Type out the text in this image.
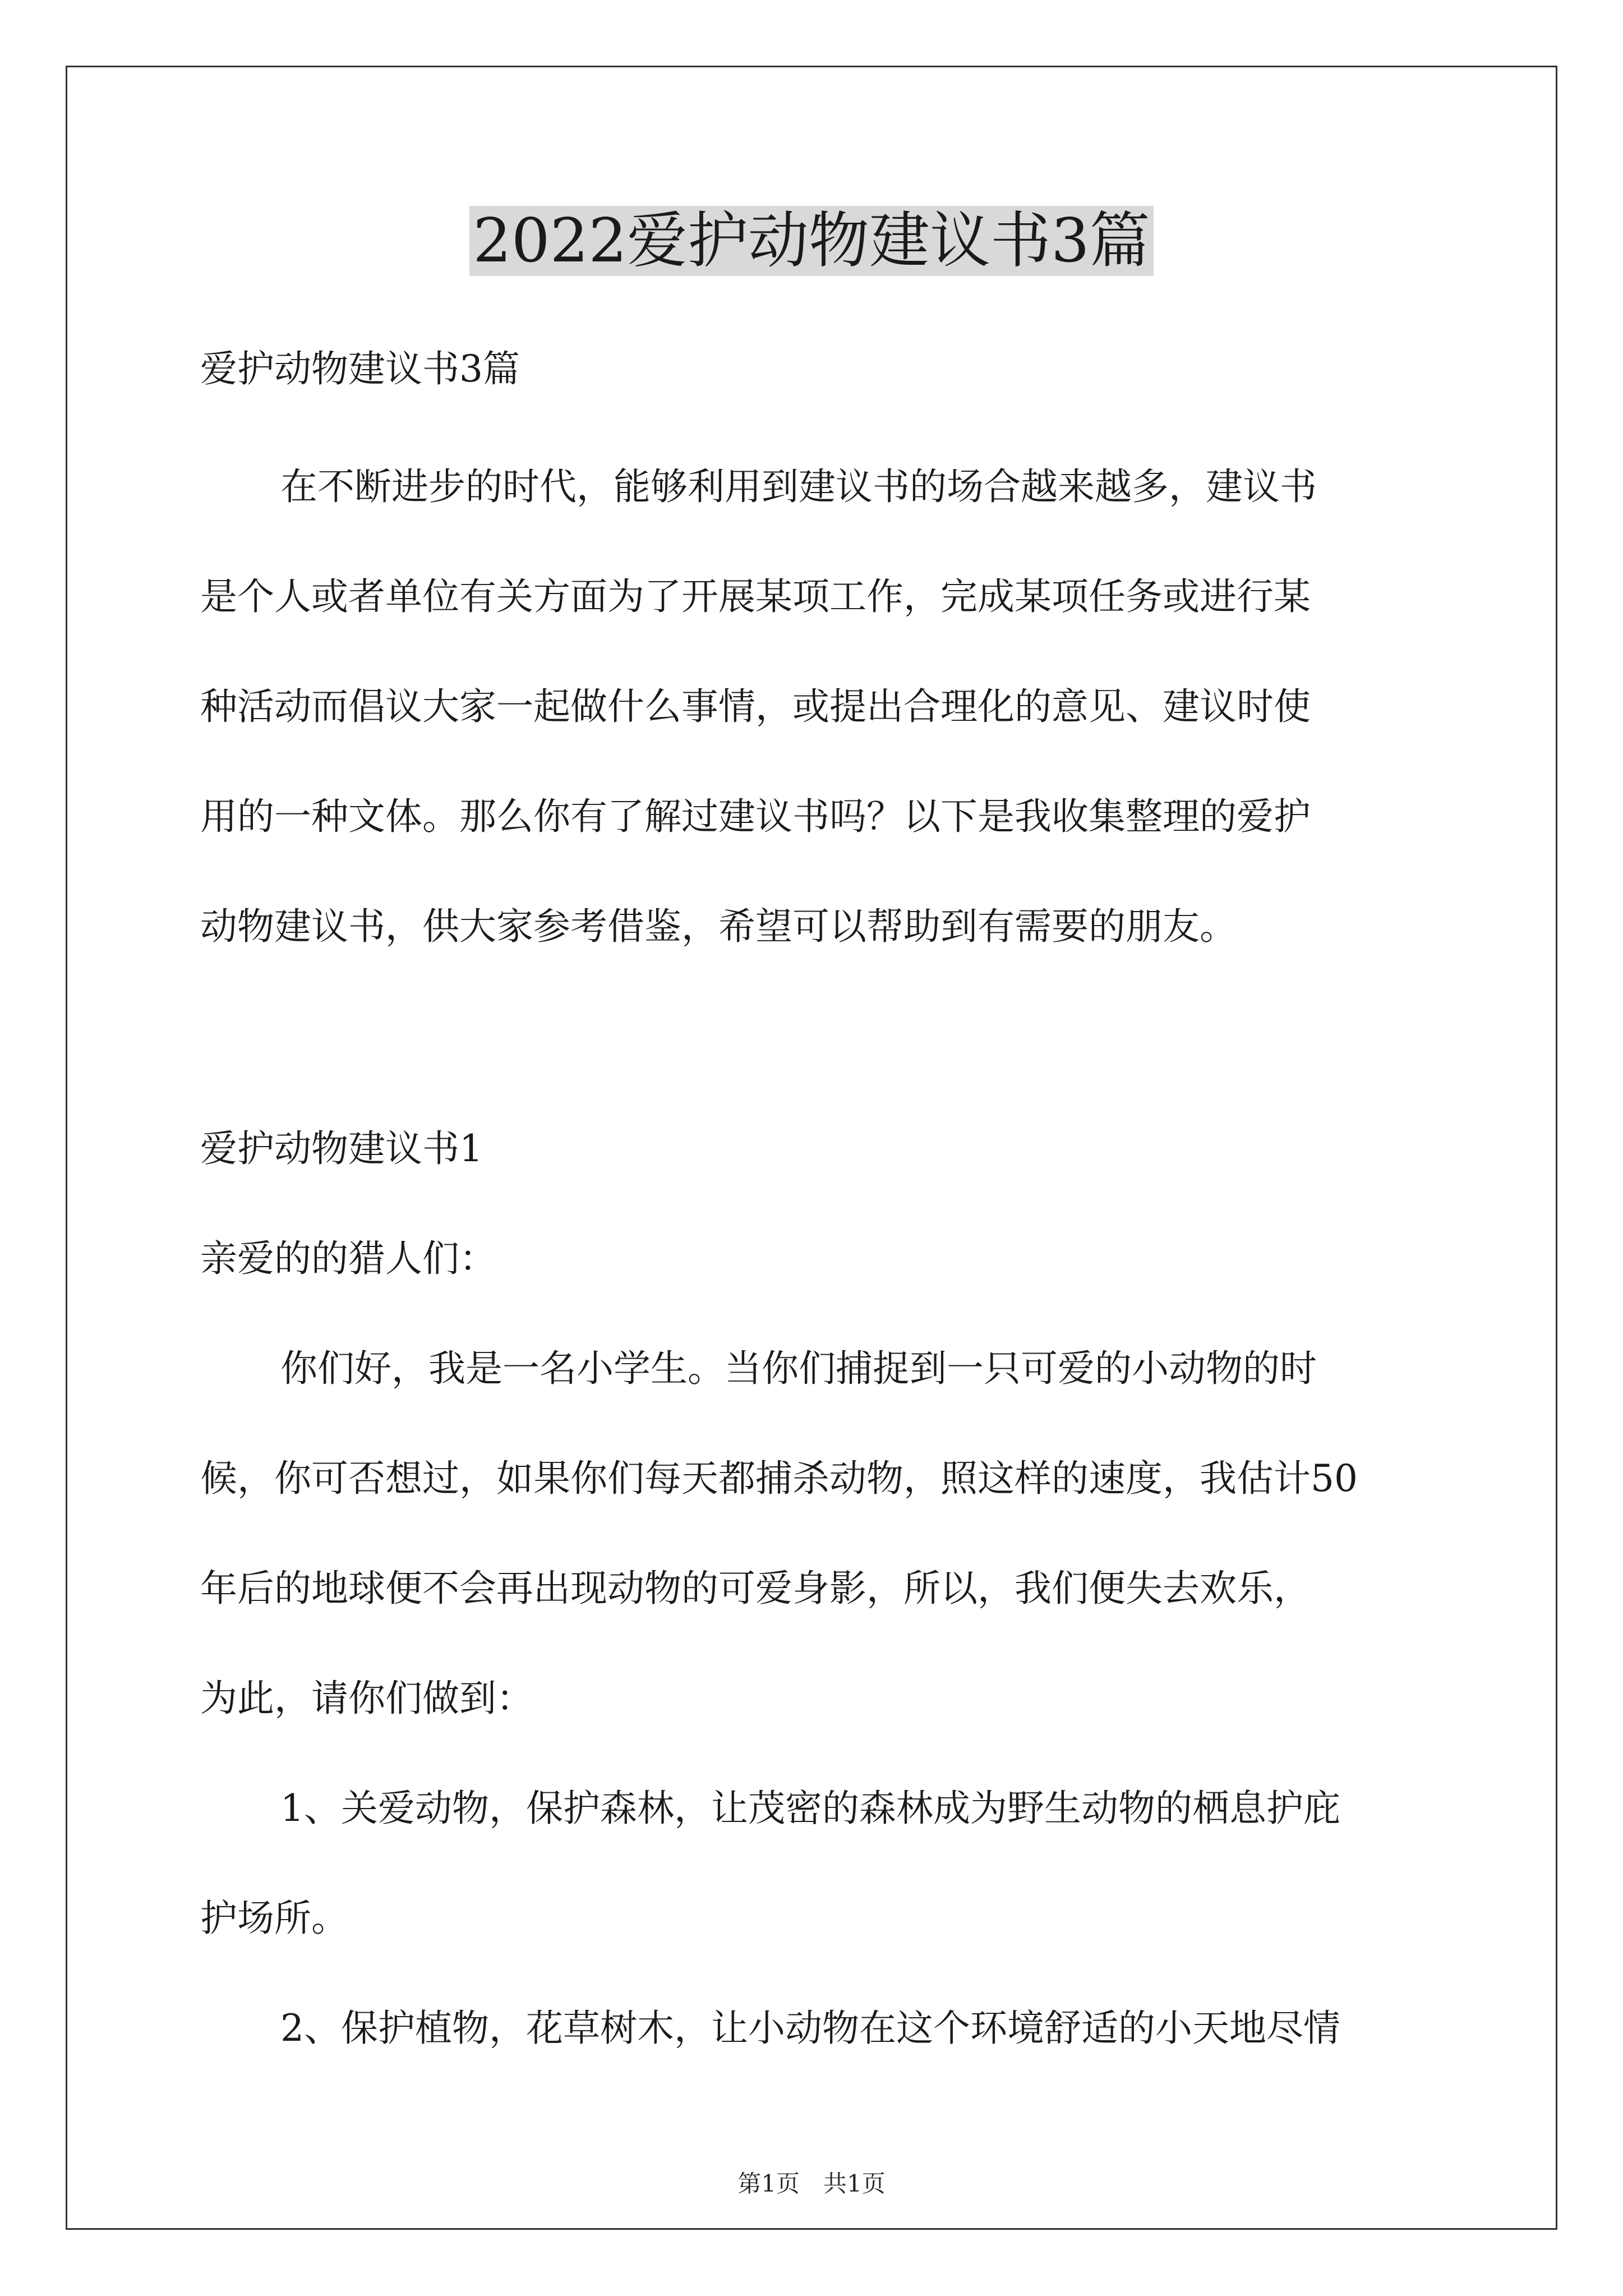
2022爱护动物建议书3篇

爱护动物建议书3篇

在不断进步的时代，能够利用到建议书的场合越来越多，建议书

是个人或者单位有关方面为了开展某项工作，完成某项任务或进行某

种活动而倡议大家一起做什么事情，或提出合理化的意见、建议时使

用的一种文体。那么你有了解过建议书吗？以下是我收集整理的爱护

动物建议书，供大家参考借鉴，希望可以帮助到有需要的朋友。

爱护动物建议书1

亲爱的的猎人们：

你们好，我是一名小学生。当你们捕捉到一只可爱的小动物的时

候，你可否想过，如果你们每天都捕杀动物，照这样的速度，我估计50

年后的地球便不会再出现动物的可爱身影，所以，我们便失去欢乐，

为此，请你们做到：

1、关爱动物，保护森林，让茂密的森林成为野生动物的栖息护庇

护场所。

2、保护植物，花草树木，让小动物在这个环境舒适的小天地尽情

第1页　共1页
